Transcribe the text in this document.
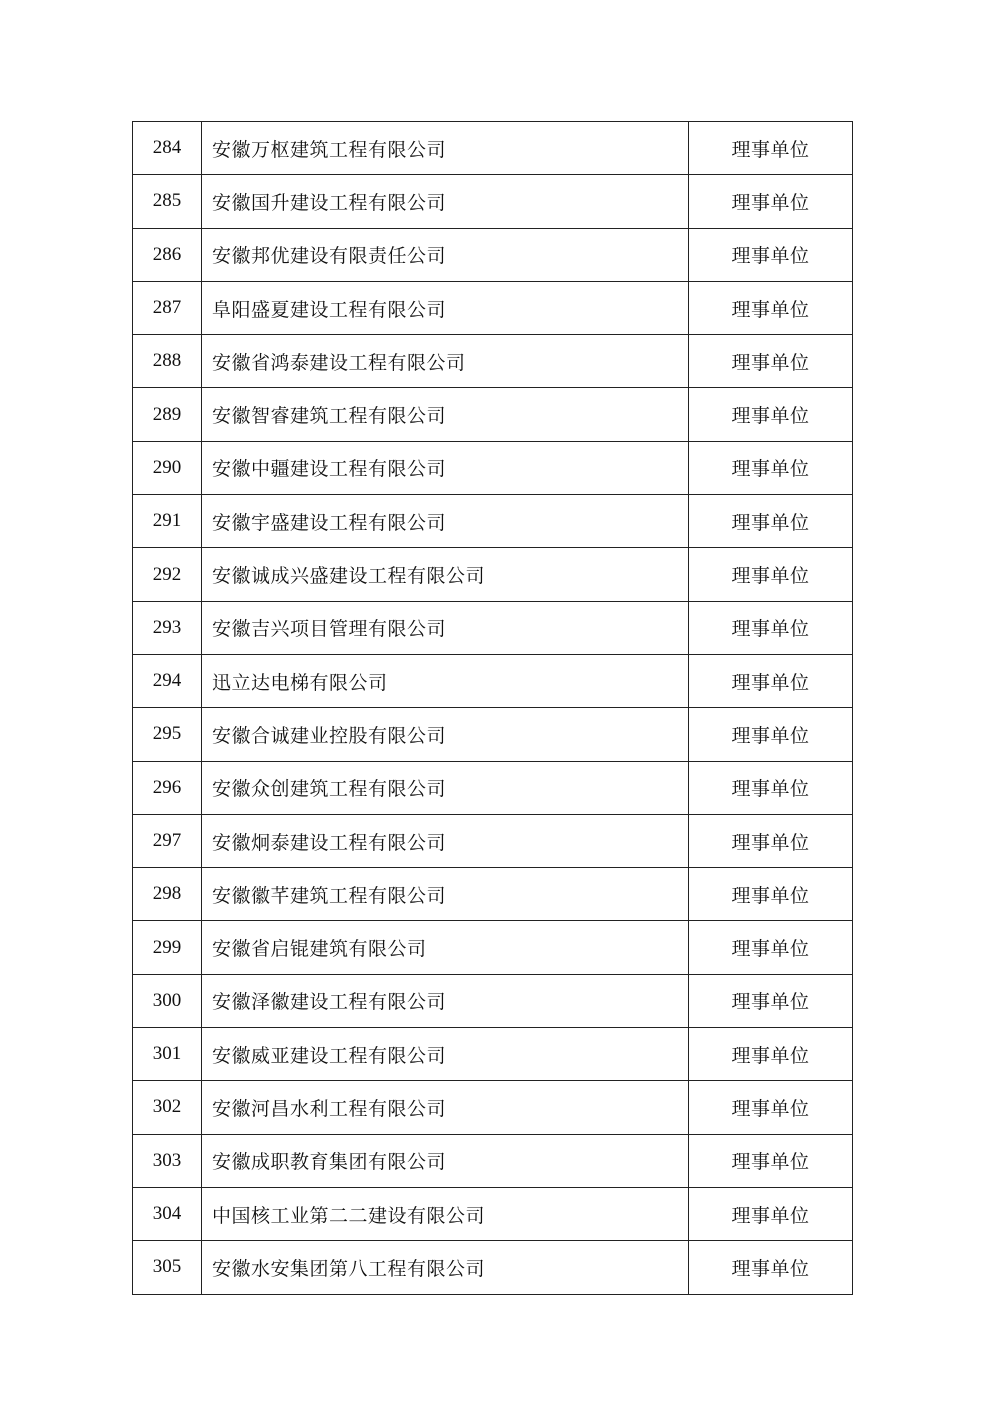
284	安徽万枢建筑工程有限公司	理事单位
285	安徽国升建设工程有限公司	理事单位
286	安徽邦优建设有限责任公司	理事单位
287	阜阳盛夏建设工程有限公司	理事单位
288	安徽省鸿泰建设工程有限公司	理事单位
289	安徽智睿建筑工程有限公司	理事单位
290	安徽中疆建设工程有限公司	理事单位
291	安徽宇盛建设工程有限公司	理事单位
292	安徽诚成兴盛建设工程有限公司	理事单位
293	安徽吉兴项目管理有限公司	理事单位
294	迅立达电梯有限公司	理事单位
295	安徽合诚建业控股有限公司	理事单位
296	安徽众创建筑工程有限公司	理事单位
297	安徽炯泰建设工程有限公司	理事单位
298	安徽徽芊建筑工程有限公司	理事单位
299	安徽省启锟建筑有限公司	理事单位
300	安徽泽徽建设工程有限公司	理事单位
301	安徽威亚建设工程有限公司	理事单位
302	安徽河昌水利工程有限公司	理事单位
303	安徽成职教育集团有限公司	理事单位
304	中国核工业第二二建设有限公司	理事单位
305	安徽水安集团第八工程有限公司	理事单位
